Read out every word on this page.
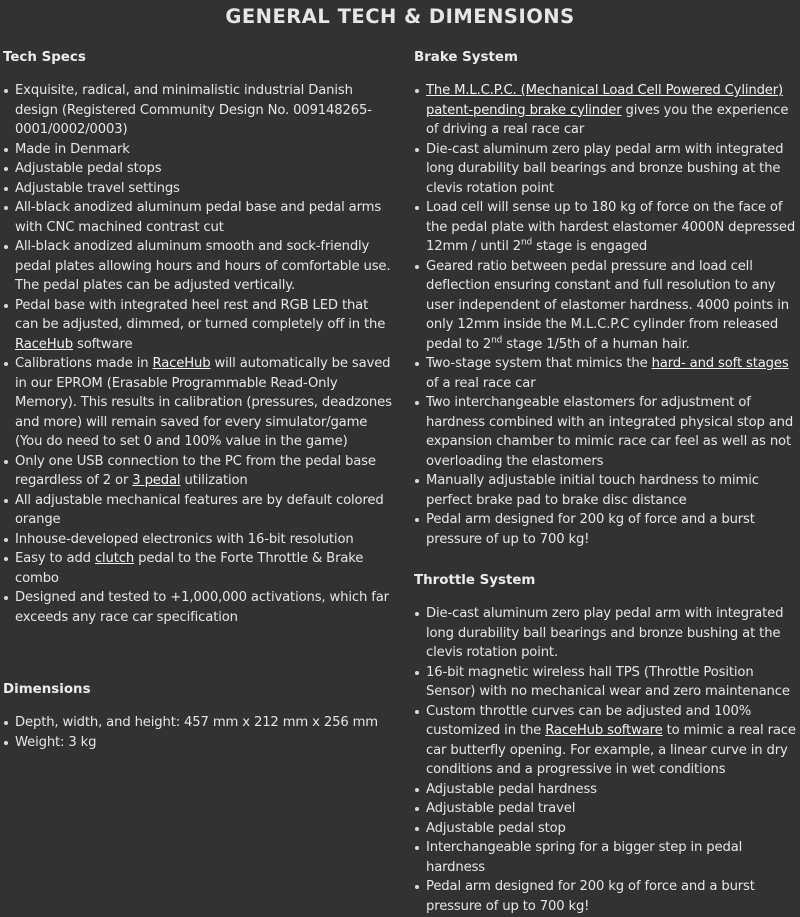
GENERAL TECH & DIMENSIONS
Tech Specs
Exquisite, radical, and minimalistic industrial Danish design (Registered Community Design No. 009148265-0001/0002/0003)
Made in Denmark
Adjustable pedal stops
Adjustable travel settings
All-black anodized aluminum pedal base and pedal arms with CNC machined contrast cut
All-black anodized aluminum smooth and sock-friendly pedal plates allowing hours and hours of comfortable use. The pedal plates can be adjusted vertically.
Pedal base with integrated heel rest and RGB LED that can be adjusted, dimmed, or turned completely off in the RaceHub software
Calibrations made in RaceHub will automatically be saved in our EPROM (Erasable Programmable Read-Only Memory). This results in calibration (pressures, deadzones and more) will remain saved for every simulator/game (You do need to set 0 and 100% value in the game)
Only one USB connection to the PC from the pedal base regardless of 2 or 3 pedal utilization
All adjustable mechanical features are by default colored orange
Inhouse-developed electronics with 16-bit resolution
Easy to add clutch pedal to the Forte Throttle & Brake combo
Designed and tested to +1,000,000 activations, which far exceeds any race car specification
Dimensions
Depth, width, and height: 457 mm x 212 mm x 256 mm
Weight: 3 kg
Brake System
The M.L.C.P.C. (Mechanical Load Cell Powered Cylinder) patent-pending brake cylinder gives you the experience of driving a real race car
Die-cast aluminum zero play pedal arm with integrated long durability ball bearings and bronze bushing at the clevis rotation point
Load cell will sense up to 180 kg of force on the face of the pedal plate with hardest elastomer 4000N depressed 12mm / until 2nd stage is engaged
Geared ratio between pedal pressure and load cell deflection ensuring constant and full resolution to any user independent of elastomer hardness. 4000 points in only 12mm inside the M.L.C.P.C cylinder from released pedal to 2nd stage 1/5th of a human hair.
Two-stage system that mimics the hard- and soft stages of a real race car
Two interchangeable elastomers for adjustment of hardness combined with an integrated physical stop and expansion chamber to mimic race car feel as well as not overloading the elastomers
Manually adjustable initial touch hardness to mimic perfect brake pad to brake disc distance
Pedal arm designed for 200 kg of force and a burst pressure of up to 700 kg!
Throttle System
Die-cast aluminum zero play pedal arm with integrated long durability ball bearings and bronze bushing at the clevis rotation point.
16-bit magnetic wireless hall TPS (Throttle Position Sensor) with no mechanical wear and zero maintenance
Custom throttle curves can be adjusted and 100% customized in the RaceHub software to mimic a real race car butterfly opening. For example, a linear curve in dry conditions and a progressive in wet conditions
Adjustable pedal hardness
Adjustable pedal travel
Adjustable pedal stop
Interchangeable spring for a bigger step in pedal hardness
Pedal arm designed for 200 kg of force and a burst pressure of up to 700 kg!
